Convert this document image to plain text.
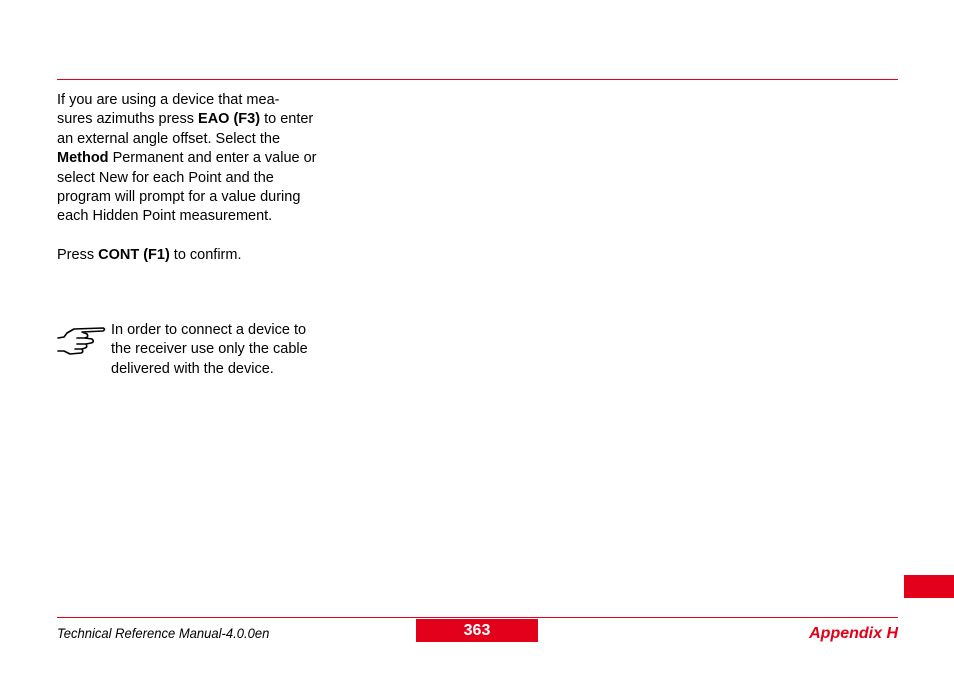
If you are using a device that mea-
sures azimuths press EAO (F3) to enter an external angle offset. Select the Method Permanent and enter a value or select New for each Point and the program will prompt for a value during each Hidden Point measurement.

Press CONT (F1) to confirm.

In order to connect a device to the receiver use only the cable delivered with the device.
Technical Reference Manual-4.0.0en	363	Appendix H
